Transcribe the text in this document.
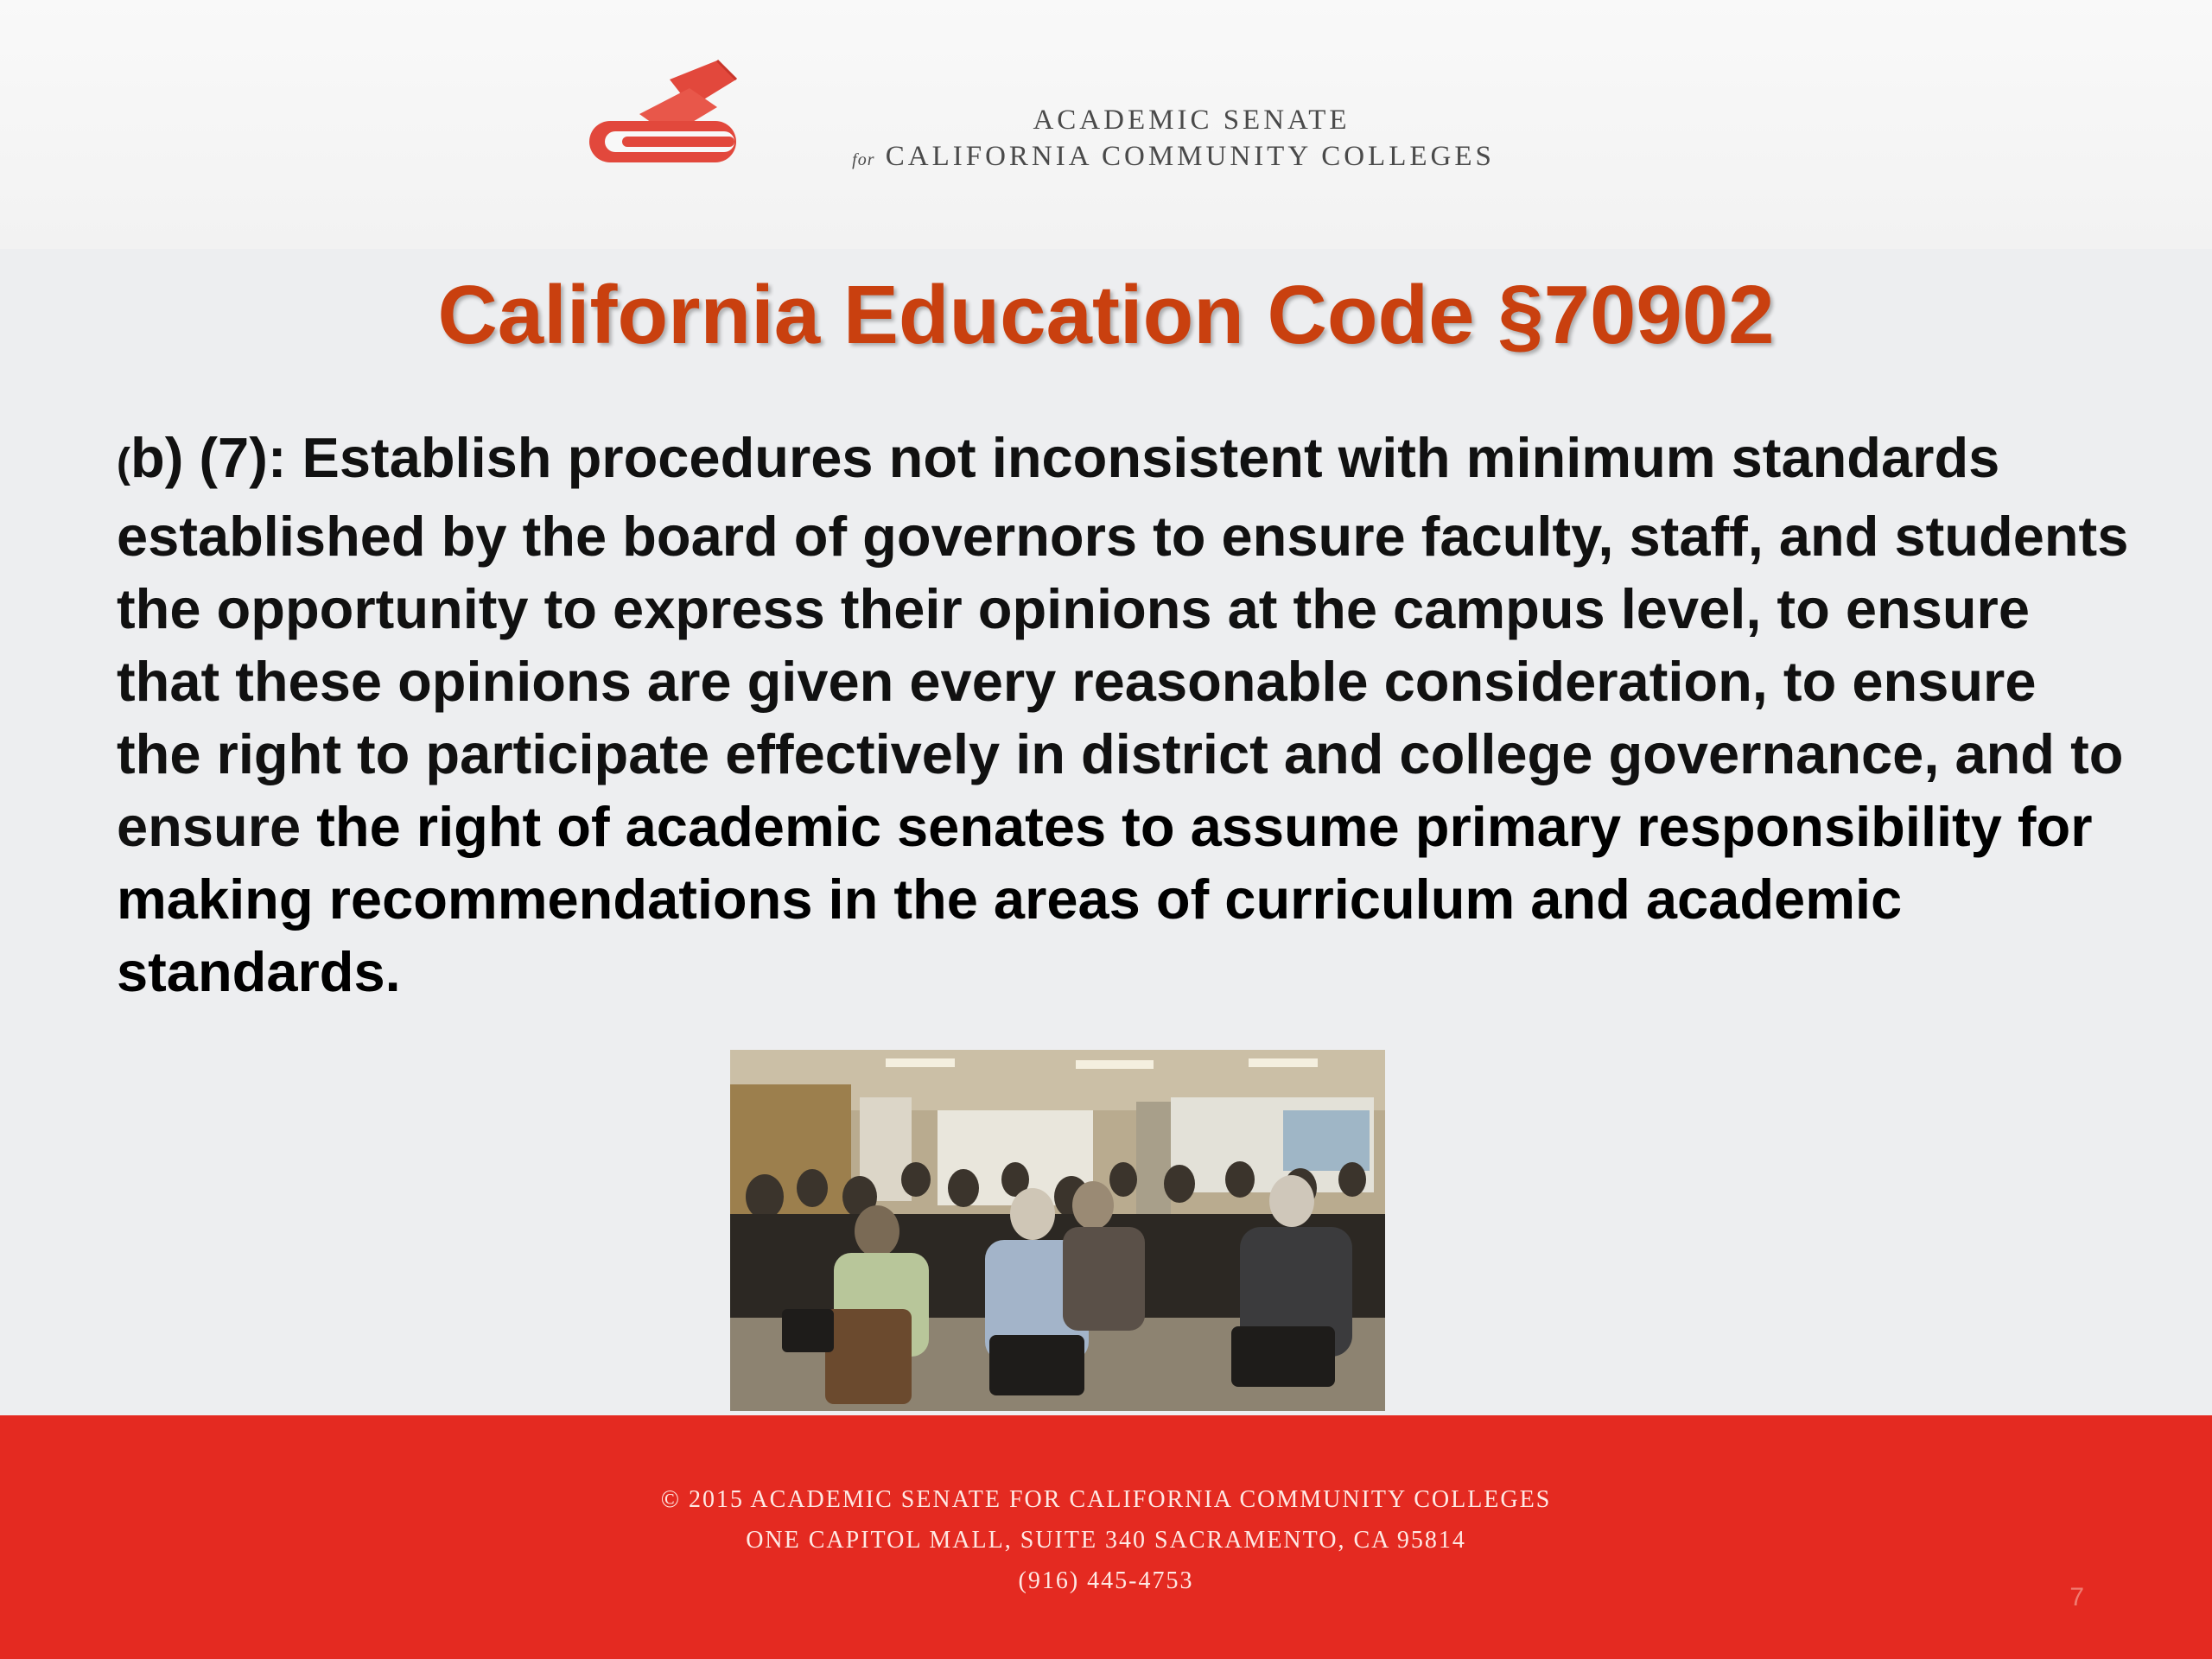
ACADEMIC SENATE
for CALIFORNIA COMMUNITY COLLEGES
California Education Code §70902
(b) (7): Establish procedures not inconsistent with minimum standards established by the board of governors to ensure faculty, staff, and students the opportunity to express their opinions at the campus level, to ensure that these opinions are given every reasonable consideration, to ensure the right to participate effectively in district and college governance, and to ensure the right of academic senates to assume primary responsibility for making recommendations in the areas of curriculum and academic standards.
© 2015 ACADEMIC SENATE FOR CALIFORNIA COMMUNITY COLLEGES
ONE CAPITOL MALL, SUITE 340 SACRAMENTO, CA 95814
(916) 445-4753
7
